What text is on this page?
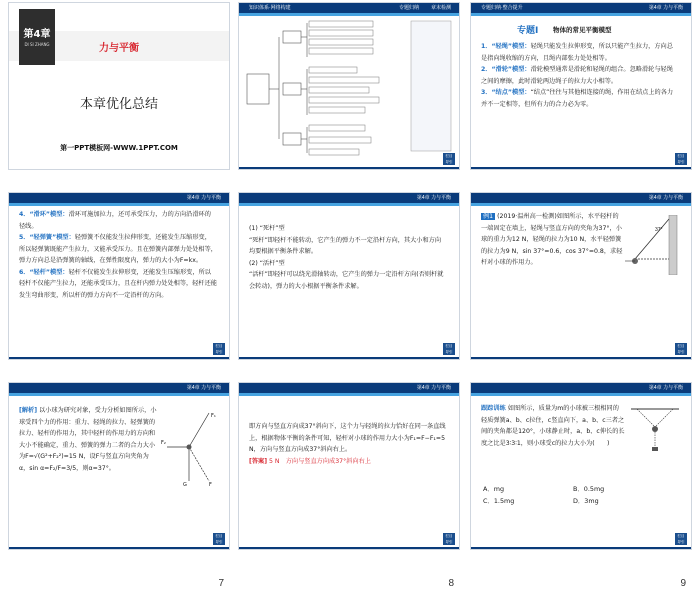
第4章
DI SI ZHANG	力与平衡
本章优化总结
第一PPT模板网-WWW.1PPT.COM
知识体系·网络构建	专题归纳	章末检测
栏目
导引
专题归纳·整合提升	第4章 力与平衡
专题Ⅰ 物体的常见平衡模型
1．“轻绳”模型：轻绳只能发生拉伸形变，所以只能产生拉力，方向总是指向绳收缩的方向，且绳内部张力处处相等。
2．“滑轮”模型：滑轮模型通常是滑轮和轻绳的组合。忽略滑轮与轻绳之间的摩擦，此时滑轮两边绳子的拉力大小相等。
3．“结点”模型：“结点”往往与其他相连接的绳，作用在结点上的各力并不一定相等，但所有力的合力必为零。
栏目
导引
第4章 力与平衡
4．“滑环”模型：滑环可施加拉力，还可承受压力，力的方向沿滑环的径线。
5．“轻弹簧”模型：轻弹簧不仅能发生拉伸形变，还能发生压缩形变，所以轻弹簧既能产生拉力，又能承受压力。且在弹簧内部弹力处处相等，弹力方向总是沿弹簧的轴线，在弹性限度内，弹力的大小为F=kx。
6．“轻杆”模型：轻杆不仅能发生拉伸形变，还能发生压缩形变，所以轻杆不仅能产生拉力，还能承受压力，且在杆内弹力处处相等，轻杆还能发生弯曲形变，所以杆的弹力方向不一定沿杆的方向。
栏目
导引
第4章 力与平衡
(1) “死杆”型
“死杆”即轻杆不能转动，它产生的弹力不一定沿杆方向，其大小和方向均要根据平衡条件求解。
(2) “活杆”型
“活杆”即轻杆可以绕光滑轴转动，它产生的弹力一定沿杆方向(否则杆就会转动)，弹力的大小根据平衡条件求解。
栏目
导引
第4章 力与平衡
例1 (2019·温州高一检测)如图所示，水平轻杆的一端固定在墙上，轻绳与竖直方向的夹角为37°，小球的重力为12 N，轻绳的拉力为10 N，水平轻弹簧的拉力为9 N，sin 37°=0.6，cos 37°=0.8，求轻杆对小球的作用力。
37°
栏目
导引
第4章 力与平衡
[解析] 以小球为研究对象，受力分析如图所示，小球受四个力的作用：重力、轻绳的拉力、轻弹簧的拉力、轻杆的作用力，其中轻杆的作用力的方向和大小不能确定，重力、弹簧的弹力二者的合力大小为F=√(G²+F₂²)=15 N，设F与竖直方向夹角为α，sin α=F₂/F=3/5，则α=37°。
F₁
F₂
G	F
栏目
导引
7
第4章 力与平衡
即方向与竖直方向成37°斜向下，这个力与轻绳的拉力恰好在同一条直线上，根据物体平衡的条件可知，轻杆对小球的作用力大小为F₁=F−F₁=5 N，方向与竖直方向成37°斜向右上。
[答案] 5 N　方向与竖直方向成37°斜向右上
栏目
导引
8
第4章 力与平衡
跟踪训练 如图所示，质量为m的小球被三根相同的轻质弹簧a、b、c拉住，c竖直向下，a、b、c三者之间的夹角都是120°，小球静止时，a、b、c伸长的长度之比是3∶3∶1，则小球受c的拉力大小为(　　)
A．mg	B．0.5mg
C．1.5mg	D．3mg
栏目
导引
9
